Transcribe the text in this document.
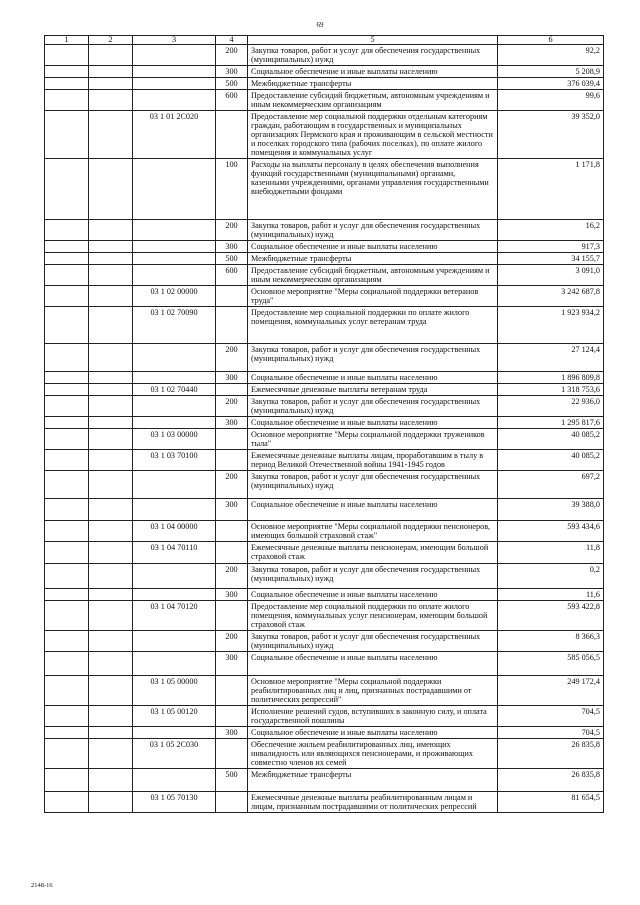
69
1	2	3	4	5	6
			200	Закупка товаров, работ и услуг для обеспечения государственных (муниципальных) нужд	92,2
			300	Социальное обеспечение и иные выплаты населению	5 208,9
			500	Межбюджетные трансферты	376 039,4
			600	Предоставление субсидий бюджетным, автономным учреждениям и иным некоммерческим организациям	99,6
		03 1 01 2С020		Предоставление мер социальной поддержки отдельным категориям граждан, работающим в государственных и муниципальных организациях Пермского края и проживающим в сельской местности и поселках городского типа (рабочих поселках), по оплате жилого помещения и коммунальных услуг	39 352,0
			100	Расходы на выплаты персоналу в целях обеспечения выполнения функций государственными (муниципальными) органами, казенными учреждениями, органами управления государственными внебюджетными фондами	1 171,8
			200	Закупка товаров, работ и услуг для обеспечения государственных (муниципальных) нужд	16,2
			300	Социальное обеспечение и иные выплаты населению	917,3
			500	Межбюджетные трансферты	34 155,7
			600	Предоставление субсидий бюджетным, автономным учреждениям и иным некоммерческим организациям	3 091,0
		03 1 02 00000		Основное мероприятие "Меры социальной поддержки ветеранов труда"	3 242 687,8
		03 1 02 70090		Предоставление мер социальной поддержки по оплате жилого помещения, коммунальных услуг ветеранам труда	1 923 934,2
			200	Закупка товаров, работ и услуг для обеспечения государственных (муниципальных) нужд	27 124,4
			300	Социальное обеспечение и иные выплаты населению	1 896 809,8
		03 1 02 70440		Ежемесячные денежные выплаты ветеранам труда	1 318 753,6
			200	Закупка товаров, работ и услуг для обеспечения государственных (муниципальных) нужд	22 936,0
			300	Социальное обеспечение и иные выплаты населению	1 295 817,6
		03 1 03 00000		Основное мероприятие "Меры социальной поддержки тружеников тыла"	40 085,2
		03 1 03 70100		Ежемесячные денежные выплаты лицам, проработавшим в тылу в период Великой Отечественной войны 1941-1945 годов	40 085,2
			200	Закупка товаров, работ и услуг для обеспечения государственных (муниципальных) нужд	697,2
			300	Социальное обеспечение и иные выплаты населению	39 388,0
		03 1 04 00000		Основное мероприятие "Меры социальной поддержки пенсионеров, имеющих большой страховой стаж"	593 434,6
		03 1 04 70110		Ежемесячные денежные выплаты пенсионерам, имеющим большой страховой стаж	11,8
			200	Закупка товаров, работ и услуг для обеспечения государственных (муниципальных) нужд	0,2
			300	Социальное обеспечение и иные выплаты населению	11,6
		03 1 04 70120		Предоставление мер социальной поддержки по оплате жилого помещения, коммунальных услуг пенсионерам, имеющим большой страховой стаж	593 422,8
			200	Закупка товаров, работ и услуг для обеспечения государственных (муниципальных) нужд	8 366,3
			300	Социальное обеспечение и иные выплаты населению	585 056,5
		03 1 05 00000		Основное мероприятие "Меры социальной поддержки реабилитированных лиц и лиц, признанных пострадавшими от политических репрессий"	249 172,4
		03 1 05 00120		Исполнение решений судов, вступивших в законную силу, и оплата государственной пошлины	704,5
			300	Социальное обеспечение и иные выплаты населению	704,5
		03 1 05 2С030		Обеспечение жильем реабилитированных лиц, имеющих инвалидность или являющихся пенсионерами, и проживающих совместно членов их семей	26 835,8
			500	Межбюджетные трансферты	26 835,8
		03 1 05 70130		Ежемесячные денежные выплаты реабилитированным лицам и лицам, признанным пострадавшими от политических репрессий	81 654,5
2148-16
